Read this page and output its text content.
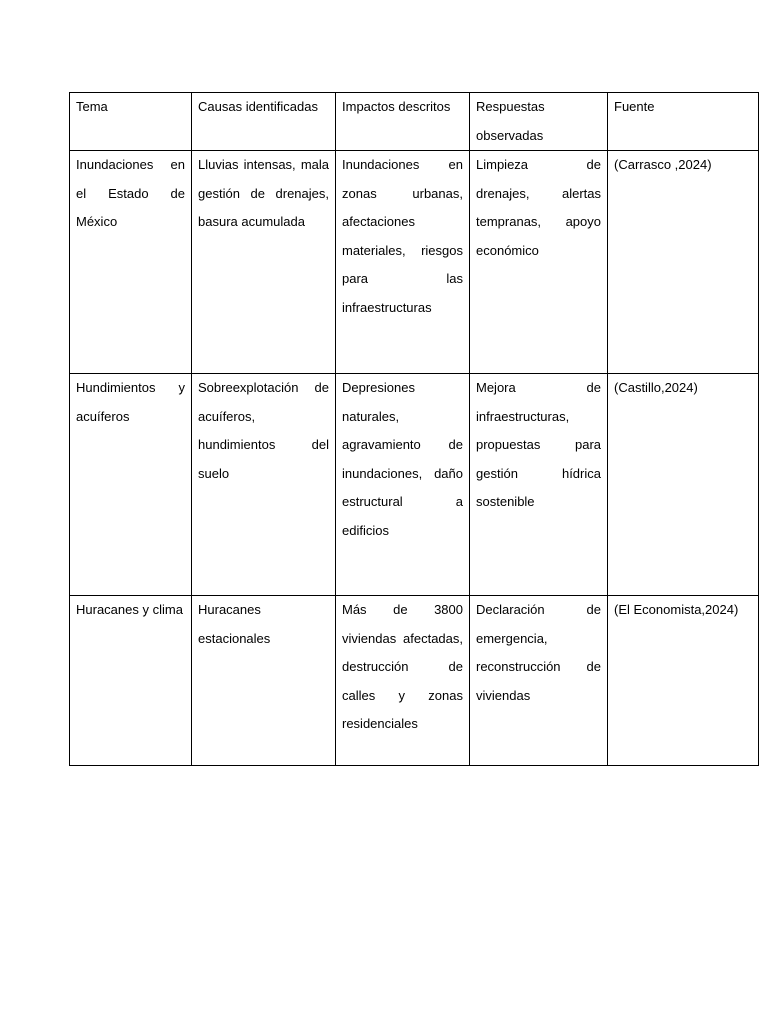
Tema	Causas identificadas	Impactos descritos	Respuestas observadas	Fuente
Inundaciones en el Estado de México	Lluvias intensas, mala gestión de drenajes, basura acumulada	Inundaciones en zonas urbanas, afectaciones materiales, riesgos para las infraestructuras	Limpieza de drenajes, alertas tempranas, apoyo económico	(Carrasco ,2024)
Hundimientos y acuíferos	Sobreexplotación de acuíferos, hundimientos del suelo	Depresiones naturales, agravamiento de inundaciones, daño estructural a edificios	Mejora de infraestructuras, propuestas para gestión hídrica sostenible	(Castillo,2024)
Huracanes y clima	Huracanes estacionales	Más de 3800 viviendas afectadas, destrucción de calles y zonas residenciales	Declaración de emergencia, reconstrucción de viviendas	(El Economista,2024)
